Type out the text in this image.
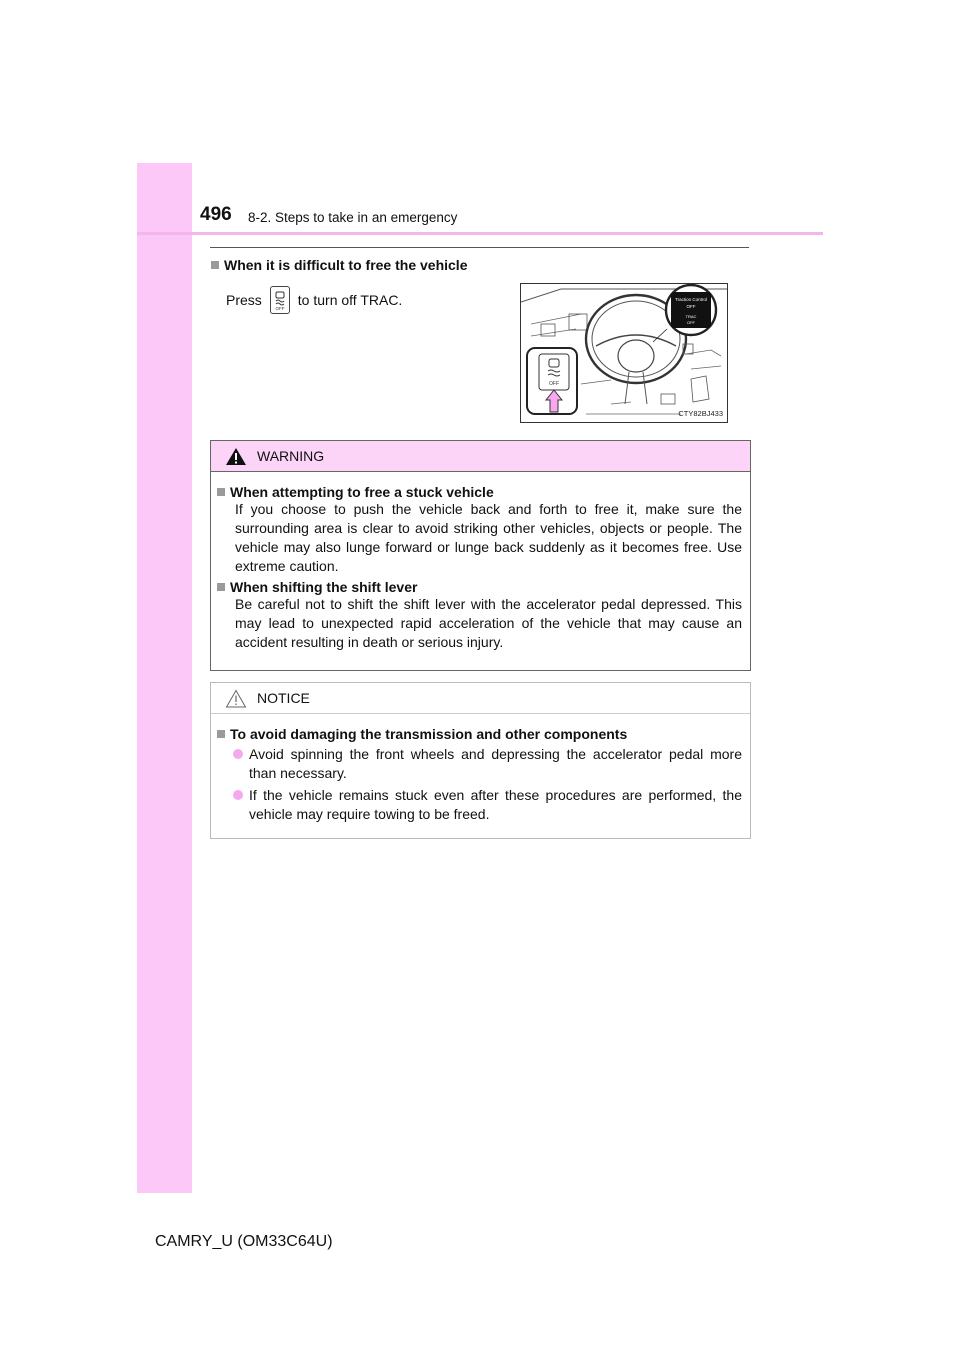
496 8-2. Steps to take in an emergency
When it is difficult to free the vehicle
Press
OFF
to turn off TRAC.
OFF
Traction Control
OFF
TRAC
OFF
CTY82BJ433
WARNING

When attempting to free a stuck vehicle

If you choose to push the vehicle back and forth to free it, make sure the surrounding area is clear to avoid striking other vehicles, objects or people. The vehicle may also lunge forward or lunge back suddenly as it becomes free. Use extreme caution.

When shifting the shift lever

Be careful not to shift the shift lever with the accelerator pedal depressed. This may lead to unexpected rapid acceleration of the vehicle that may cause an accident resulting in death or serious injury.

NOTICE

To avoid damaging the transmission and other components

Avoid spinning the front wheels and depressing the accelerator pedal more than necessary.
If the vehicle remains stuck even after these procedures are performed, the vehicle may require towing to be freed.
CAMRY_U (OM33C64U)
